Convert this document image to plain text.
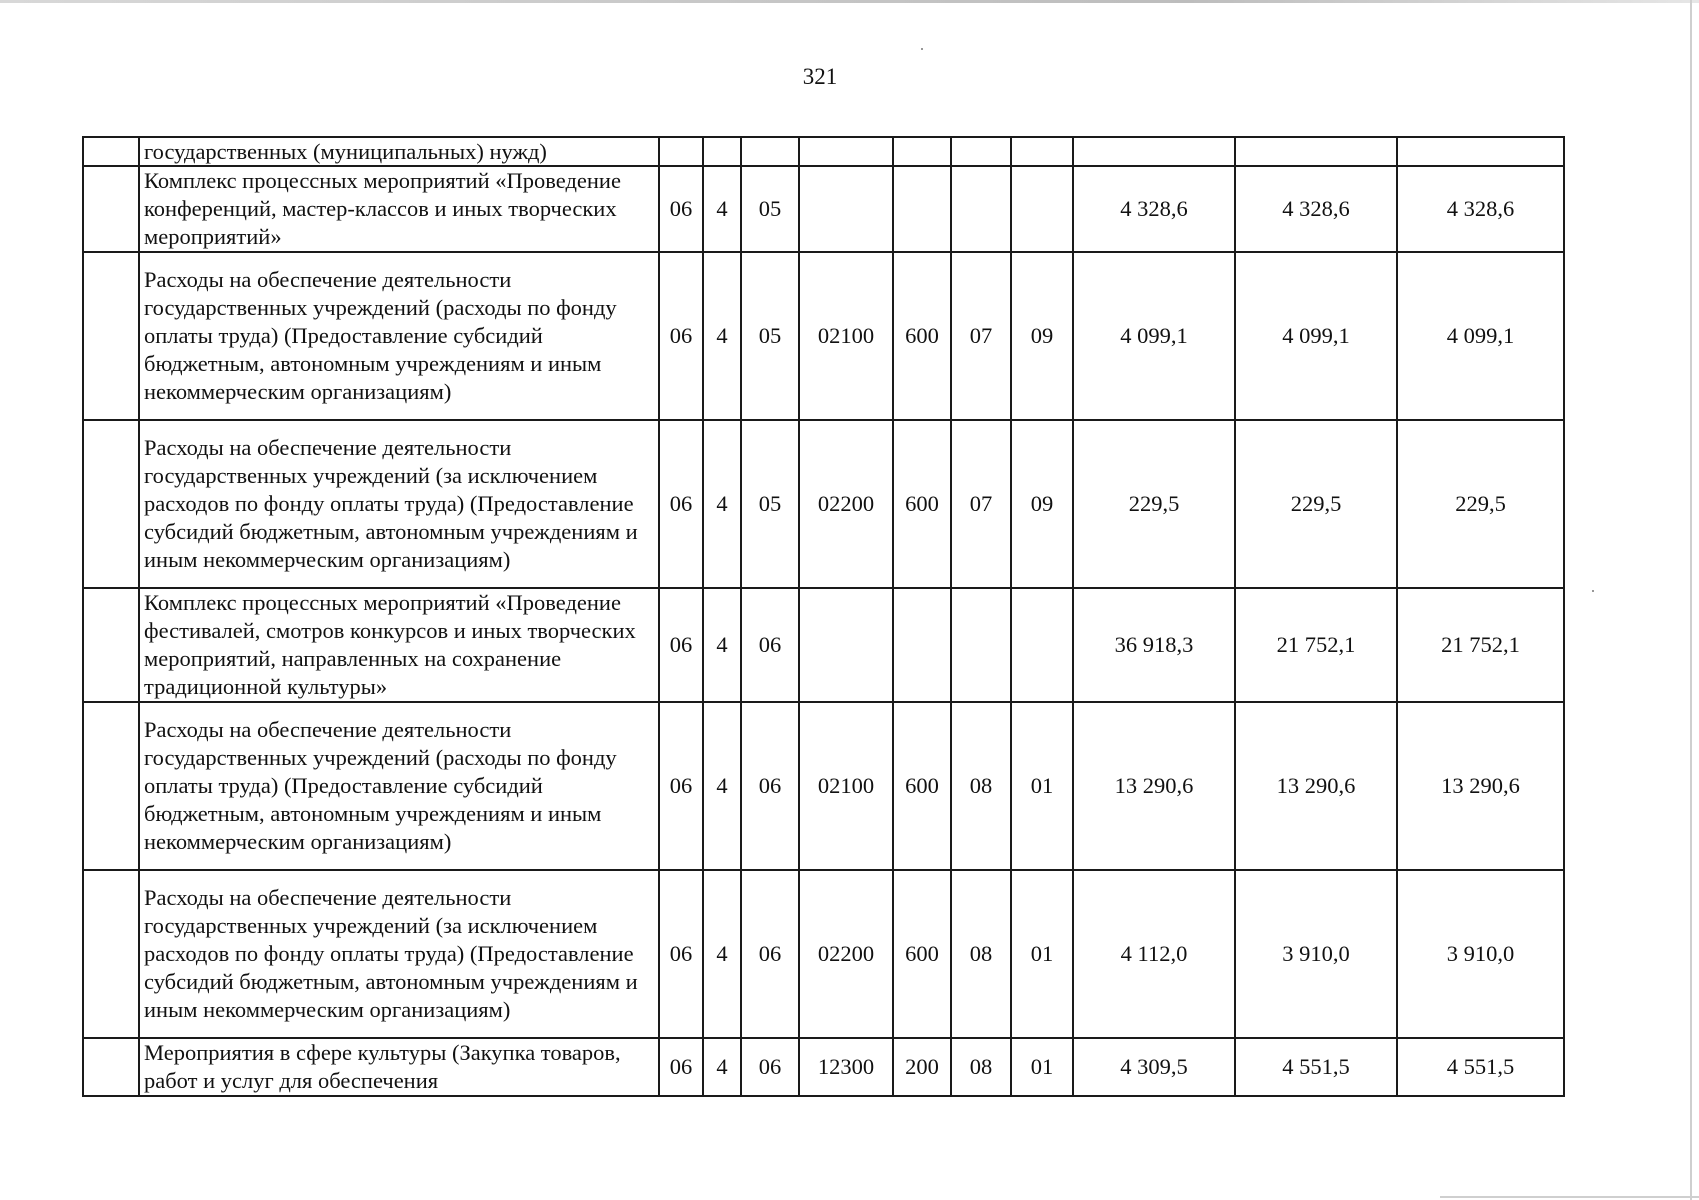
321
	государственных (муниципальных) нужд)										
	Комплекс процессных мероприятий «Проведение конференций, мастер-классов и иных творческих мероприятий»	06	4	05					4 328,6	4 328,6	4 328,6
	Расходы на обеспечение деятельности государственных учреждений (расходы по фонду оплаты труда) (Предоставление субсидий бюджетным, автономным учреждениям и иным некоммерческим организациям)	06	4	05	02100	600	07	09	4 099,1	4 099,1	4 099,1
	Расходы на обеспечение деятельности государственных учреждений (за исключением расходов по фонду оплаты труда) (Предоставление субсидий бюджетным, автономным учреждениям и иным некоммерческим организациям)	06	4	05	02200	600	07	09	229,5	229,5	229,5
	Комплекс процессных мероприятий «Проведение фестивалей, смотров конкурсов и иных творческих мероприятий, направленных на сохранение традиционной культуры»	06	4	06					36 918,3	21 752,1	21 752,1
	Расходы на обеспечение деятельности государственных учреждений (расходы по фонду оплаты труда) (Предоставление субсидий бюджетным, автономным учреждениям и иным некоммерческим организациям)	06	4	06	02100	600	08	01	13 290,6	13 290,6	13 290,6
	Расходы на обеспечение деятельности государственных учреждений (за исключением расходов по фонду оплаты труда) (Предоставление субсидий бюджетным, автономным учреждениям и иным некоммерческим организациям)	06	4	06	02200	600	08	01	4 112,0	3 910,0	3 910,0
	Мероприятия в сфере культуры (Закупка товаров, работ и услуг для обеспечения	06	4	06	12300	200	08	01	4 309,5	4 551,5	4 551,5
